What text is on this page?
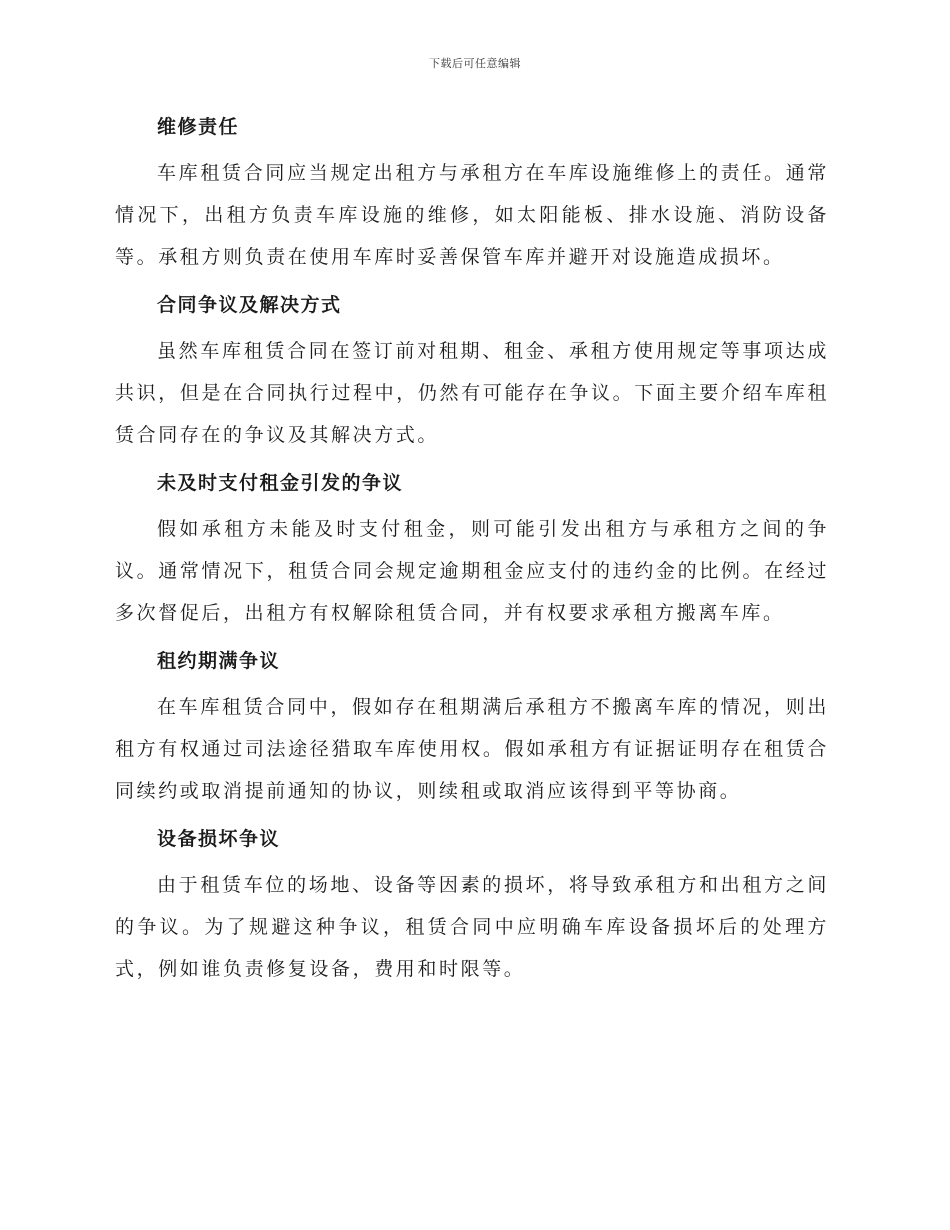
下载后可任意编辑
维修责任

车库租赁合同应当规定出租方与承租方在车库设施维修上的责任。通常情况下，出租方负责车库设施的维修，如太阳能板、排水设施、消防设备等。承租方则负责在使用车库时妥善保管车库并避开对设施造成损坏。

合同争议及解决方式

虽然车库租赁合同在签订前对租期、租金、承租方使用规定等事项达成共识，但是在合同执行过程中，仍然有可能存在争议。下面主要介绍车库租赁合同存在的争议及其解决方式。

未及时支付租金引发的争议

假如承租方未能及时支付租金，则可能引发出租方与承租方之间的争议。通常情况下，租赁合同会规定逾期租金应支付的违约金的比例。在经过多次督促后，出租方有权解除租赁合同，并有权要求承租方搬离车库。

租约期满争议

在车库租赁合同中，假如存在租期满后承租方不搬离车库的情况，则出租方有权通过司法途径猎取车库使用权。假如承租方有证据证明存在租赁合同续约或取消提前通知的协议，则续租或取消应该得到平等协商。

设备损坏争议

由于租赁车位的场地、设备等因素的损坏，将导致承租方和出租方之间的争议。为了规避这种争议，租赁合同中应明确车库设备损坏后的处理方式，例如谁负责修复设备，费用和时限等。
